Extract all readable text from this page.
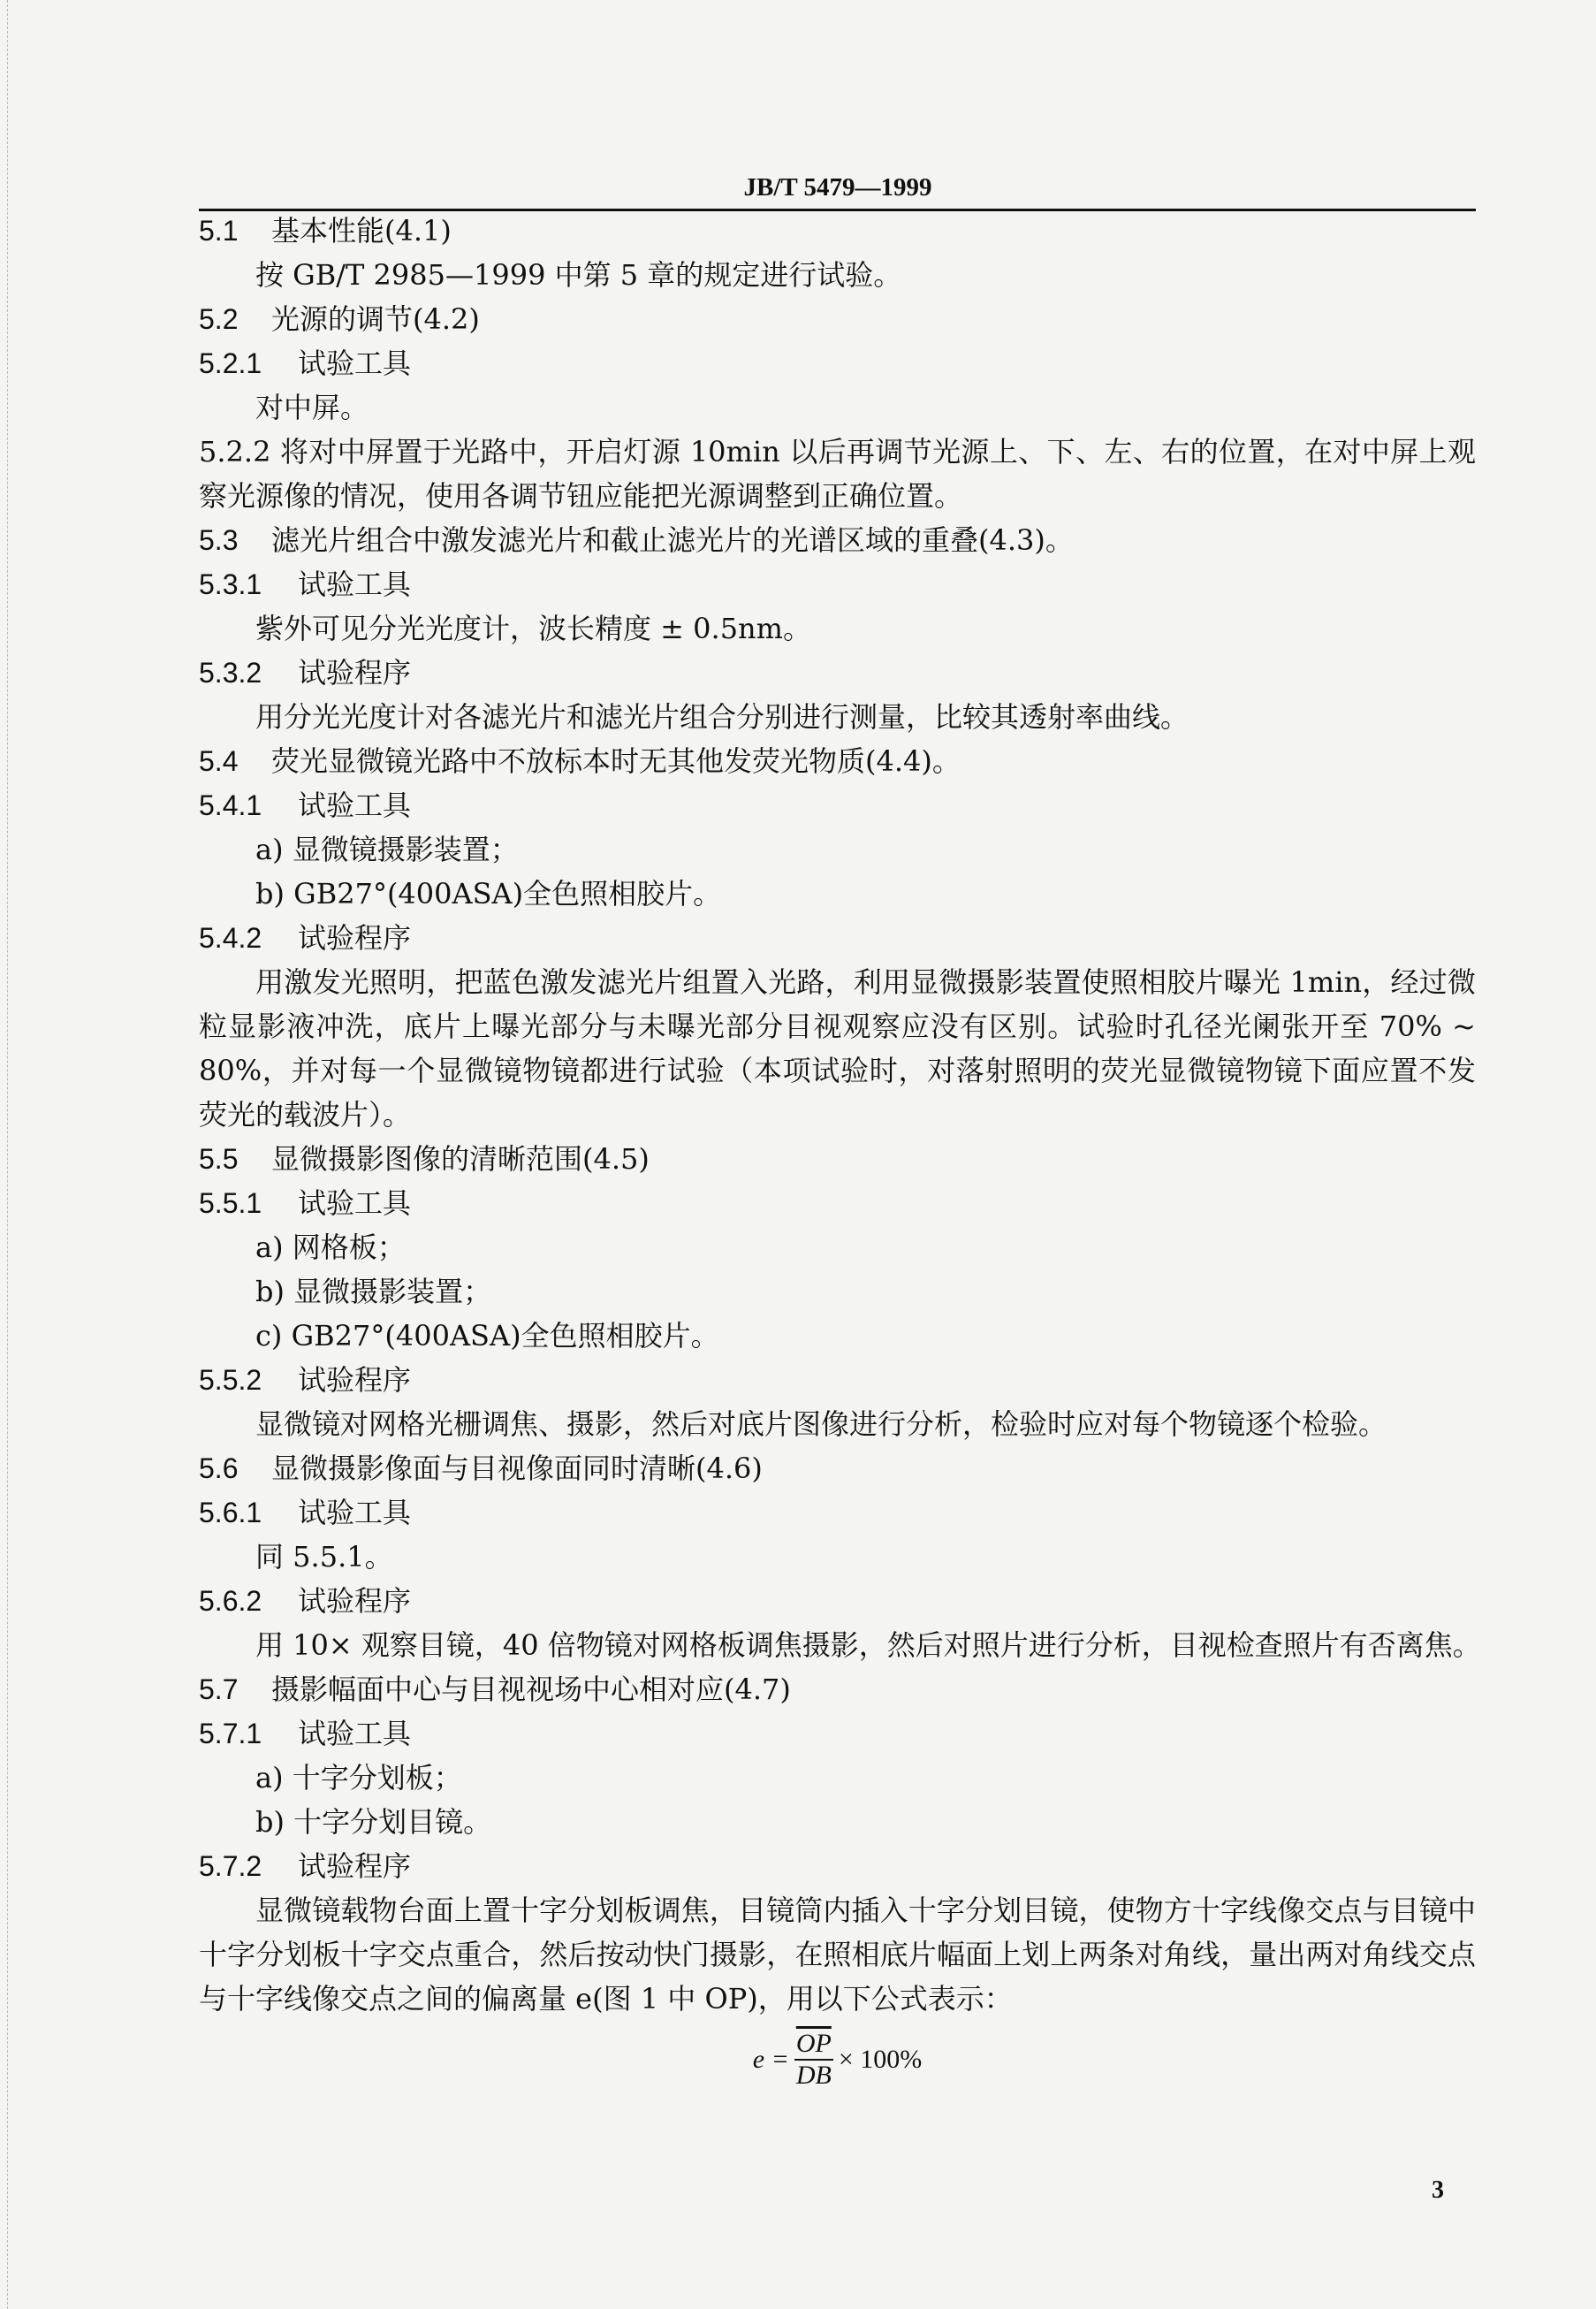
JB/T 5479—1999
5.1 基本性能(4.1)
按 GB/T 2985—1999 中第 5 章的规定进行试验。
5.2 光源的调节(4.2)
5.2.1 试验工具
对中屏。

5.2.2 将对中屏置于光路中，开启灯源 10min 以后再调节光源上、下、左、右的位置，在对中屏上观察光源像的情况，使用各调节钮应能把光源调整到正确位置。

5.3 滤光片组合中激发滤光片和截止滤光片的光谱区域的重叠(4.3)。
5.3.1 试验工具
紫外可见分光光度计，波长精度 ± 0.5nm。
5.3.2 试验程序
用分光光度计对各滤光片和滤光片组合分别进行测量，比较其透射率曲线。
5.4 荧光显微镜光路中不放标本时无其他发荧光物质(4.4)。
5.4.1 试验工具
a) 显微镜摄影装置；
b) GB27°(400ASA)全色照相胶片。
5.4.2 试验程序

用激发光照明，把蓝色激发滤光片组置入光路，利用显微摄影装置使照相胶片曝光 1min，经过微粒显影液冲洗，底片上曝光部分与未曝光部分目视观察应没有区别。试验时孔径光阑张开至 70% ~ 80%，并对每一个显微镜物镜都进行试验（本项试验时，对落射照明的荧光显微镜物镜下面应置不发荧光的载波片）。

5.5 显微摄影图像的清晰范围(4.5)
5.5.1 试验工具
a) 网格板；
b) 显微摄影装置；
c) GB27°(400ASA)全色照相胶片。
5.5.2 试验程序
显微镜对网格光栅调焦、摄影，然后对底片图像进行分析，检验时应对每个物镜逐个检验。
5.6 显微摄影像面与目视像面同时清晰(4.6)
5.6.1 试验工具
同 5.5.1。
5.6.2 试验程序
用 10× 观察目镜，40 倍物镜对网格板调焦摄影，然后对照片进行分析，目视检查照片有否离焦。
5.7 摄影幅面中心与目视视场中心相对应(4.7)
5.7.1 试验工具
a) 十字分划板；
b) 十字分划目镜。
5.7.2 试验程序

显微镜载物台面上置十字分划板调焦，目镜筒内插入十字分划目镜，使物方十字线像交点与目镜中十字分划板十字交点重合，然后按动快门摄影，在照相底片幅面上划上两条对角线，量出两对角线交点与十字线像交点之间的偏离量 e(图 1 中 OP)，用以下公式表示：

$e = \frac{\overline{OP}}{DB} \times 100\%$
3
